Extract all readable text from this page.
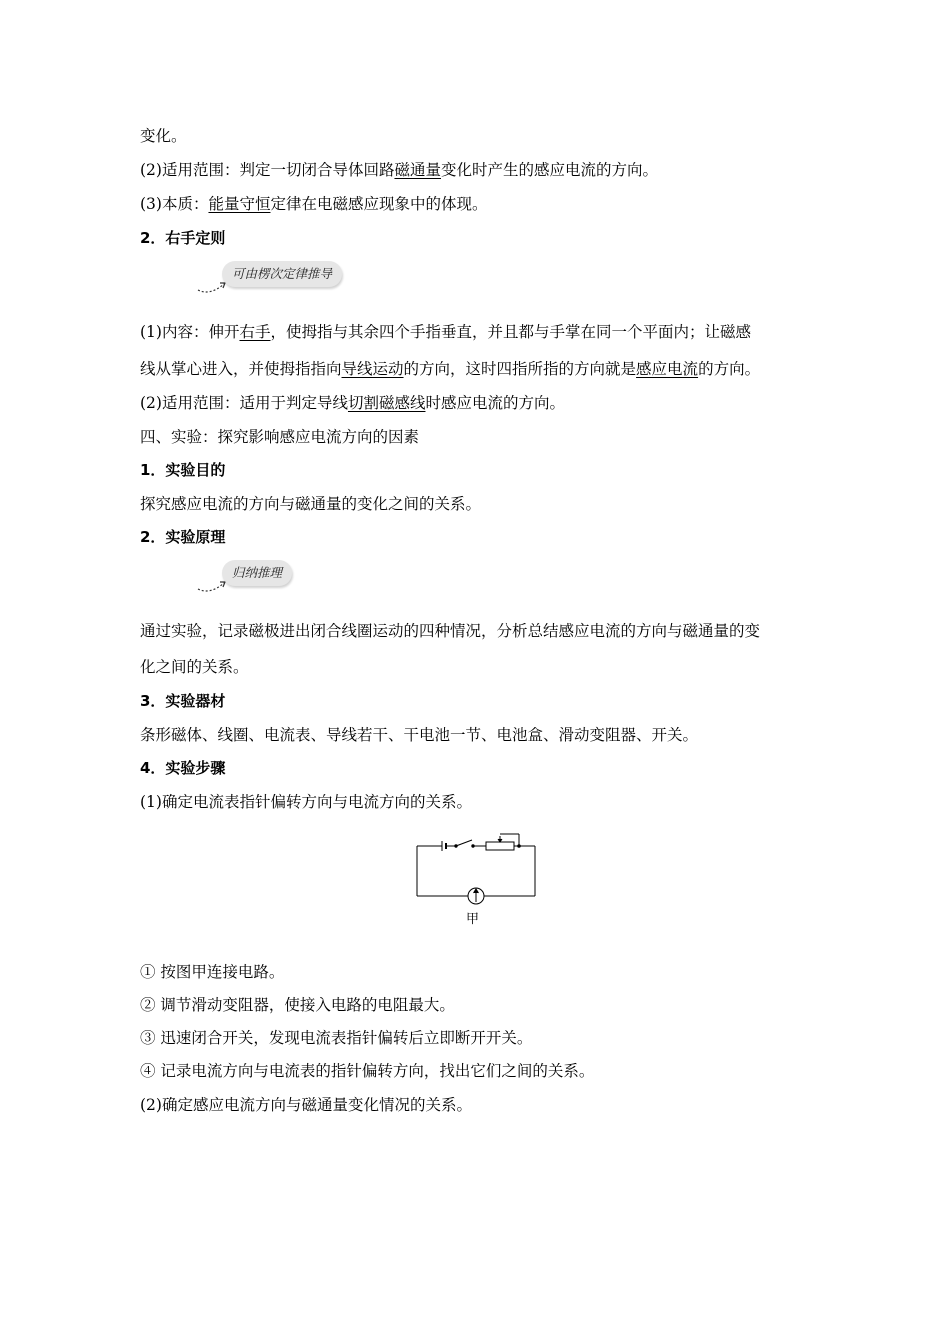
变化。
(2)适用范围：判定一切闭合导体回路磁通量变化时产生的感应电流的方向。
(3)本质：能量守恒定律在电磁感应现象中的体现。
2．右手定则
可由楞次定律推导
(1)内容：伸开右手，使拇指与其余四个手指垂直，并且都与手掌在同一个平面内；让磁感
线从掌心进入，并使拇指指向导线运动的方向，这时四指所指的方向就是感应电流的方向。
(2)适用范围：适用于判定导线切割磁感线时感应电流的方向。
四、实验：探究影响感应电流方向的因素
1．实验目的
探究感应电流的方向与磁通量的变化之间的关系。
2．实验原理
归纳推理
通过实验，记录磁极进出闭合线圈运动的四种情况，分析总结感应电流的方向与磁通量的变
化之间的关系。
3．实验器材
条形磁体、线圈、电流表、导线若干、干电池一节、电池盒、滑动变阻器、开关。
4．实验步骤
(1)确定电流表指针偏转方向与电流方向的关系。
甲
① 按图甲连接电路。
② 调节滑动变阻器，使接入电路的电阻最大。
③ 迅速闭合开关，发现电流表指针偏转后立即断开开关。
④ 记录电流方向与电流表的指针偏转方向，找出它们之间的关系。
(2)确定感应电流方向与磁通量变化情况的关系。
